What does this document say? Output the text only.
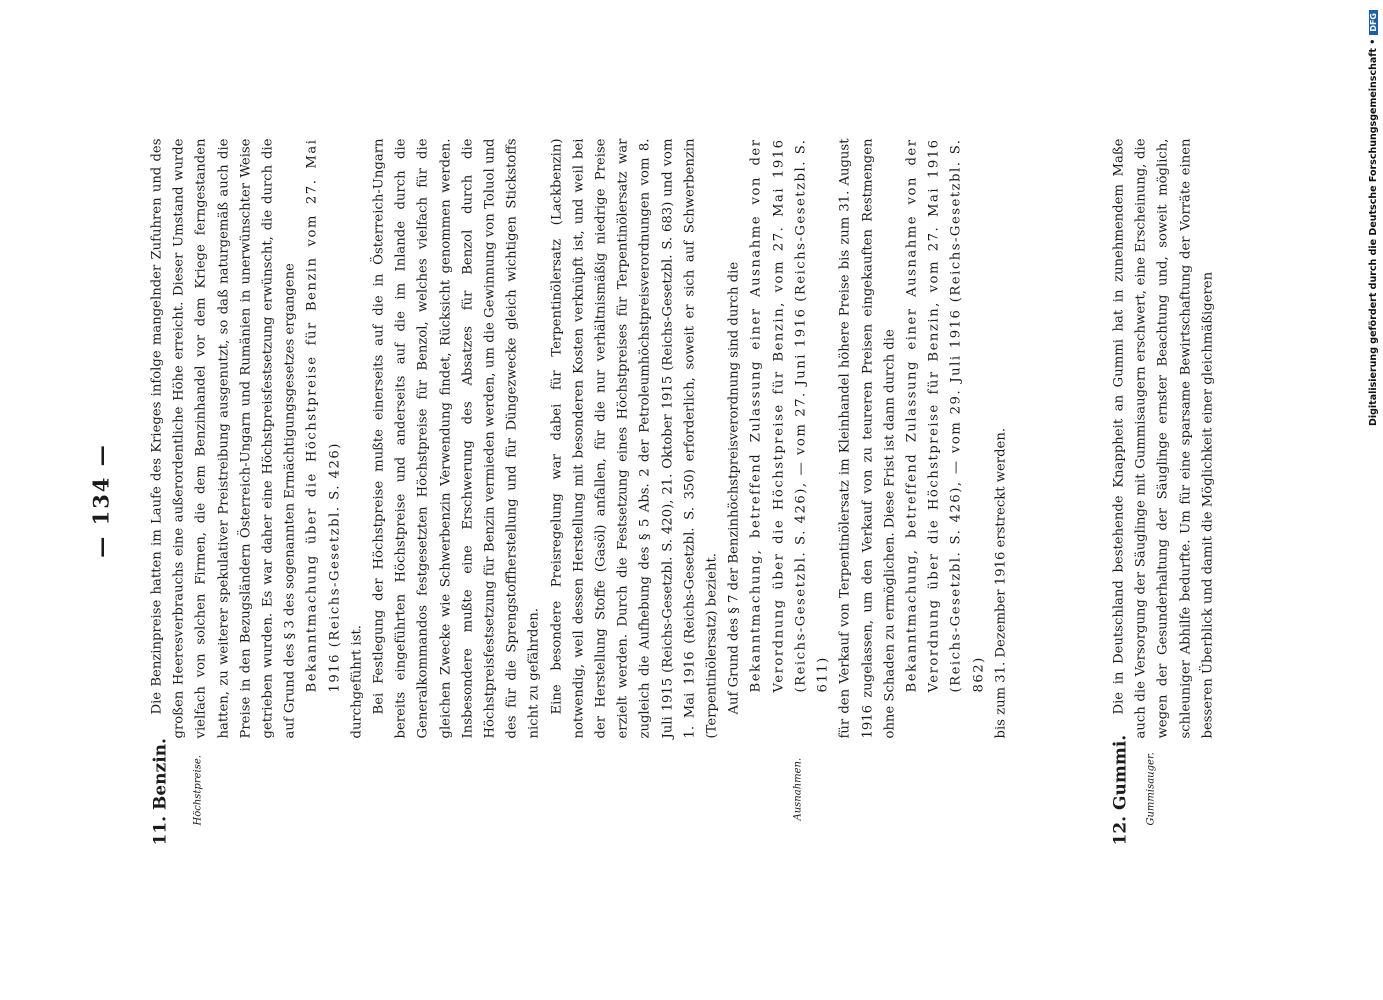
— 134 —
11. Benzin. Höchstpreise.	Ausnahmen.	12. Gummi. Gummisauger.

Die Benzinpreise hatten im Laufe des Krieges infolge mangelnder Zufuhren und des großen Heeresverbrauchs eine außerordentliche Höhe erreicht. Dieser Umstand wurde vielfach von solchen Firmen, die dem Benzinhandel vor dem Kriege ferngestanden hatten, zu weiterer spekulativer Preistreibung ausgenutzt, so daß naturgemäß auch die Preise in den Bezugsländern Österreich-Ungarn und Rumänien in unerwünschter Weise getrieben wurden. Es war daher eine Höchstpreisfestsetzung erwünscht, die durch die auf Grund des § 3 des sogenannten Ermächtigungsgesetzes ergangene Bekanntmachung über die Höchstpreise für Benzin vom 27. Mai 1916 (Reichs-Gesetzbl. S. 426) durchgeführt ist. Bei Festlegung der Höchstpreise mußte einerseits auf die in Österreich-Ungarn bereits eingeführten Höchstpreise und anderseits auf die im Inlande durch die Generalkommandos festgesetzten Höchstpreise für Benzol, welches vielfach für die gleichen Zwecke wie Schwerbenzin Verwendung findet, Rücksicht genommen werden. Insbesondere mußte eine Erschwerung des Absatzes für Benzol durch die Höchstpreisfestsetzung für Benzin vermieden werden, um die Gewinnung von Toluol und des für die Sprengstoffherstellung und für Düngezwecke gleich wichtigen Stickstoffs nicht zu gefährden. Eine besondere Preisregelung war dabei für Terpentinölersatz (Lackbenzin) notwendig, weil dessen Herstellung mit besonderen Kosten verknüpft ist, und weil bei der Herstellung Stoffe (Gasöl) anfallen, für die nur verhältnismäßig niedrige Preise erzielt werden. Durch die Festsetzung eines Höchstpreises für Terpentinölersatz war zugleich die Aufhebung des § 5 Abs. 2 der Petroleumhöchstpreisverordnungen vom 8. Juli 1915 (Reichs-Gesetzbl. S. 420), 21. Oktober 1915 (Reichs-Gesetzbl. S. 683) und vom 1. Mai 1916 (Reichs-Gesetzbl. S. 350) erforderlich, soweit er sich auf Schwerbenzin (Terpentinölersatz) bezieht. Auf Grund des § 7 der Benzinhöchstpreisverordnung sind durch die Bekanntmachung, betreffend Zulassung einer Ausnahme von der Verordnung über die Höchstpreise für Benzin, vom 27. Mai 1916 (Reichs-Gesetzbl. S. 426), — vom 27. Juni 1916 (Reichs-Gesetzbl. S. 611) für den Verkauf von Terpentinölersatz im Kleinhandel höhere Preise bis zum 31. August 1916 zugelassen, um den Verkauf von zu teureren Preisen eingekauften Restmengen ohne Schaden zu ermöglichen. Diese Frist ist dann durch die Bekanntmachung, betreffend Zulassung einer Ausnahme von der Verordnung über die Höchstpreise für Benzin, vom 27. Mai 1916 (Reichs-Gesetzbl. S. 426), — vom 29. Juli 1916 (Reichs-Gesetzbl. S. 862) bis zum 31. Dezember 1916 erstreckt werden.	Die in Deutschland bestehende Knappheit an Gummi hat in zunehmendem Maße auch die Versorgung der Säuglinge mit Gummisaugern erschwert, eine Erscheinung, die wegen der Gesunderhaltung der Säuglinge ernster Beachtung und, soweit möglich, schleuniger Abhilfe bedurfte. Um für eine sparsame Bewirtschaftung der Vorräte einen besseren Überblick und damit die Möglichkeit einer gleichmäßigeren

Digitalisierung gefördert durch die Deutsche Forschungsgemeinschaft •DFG
